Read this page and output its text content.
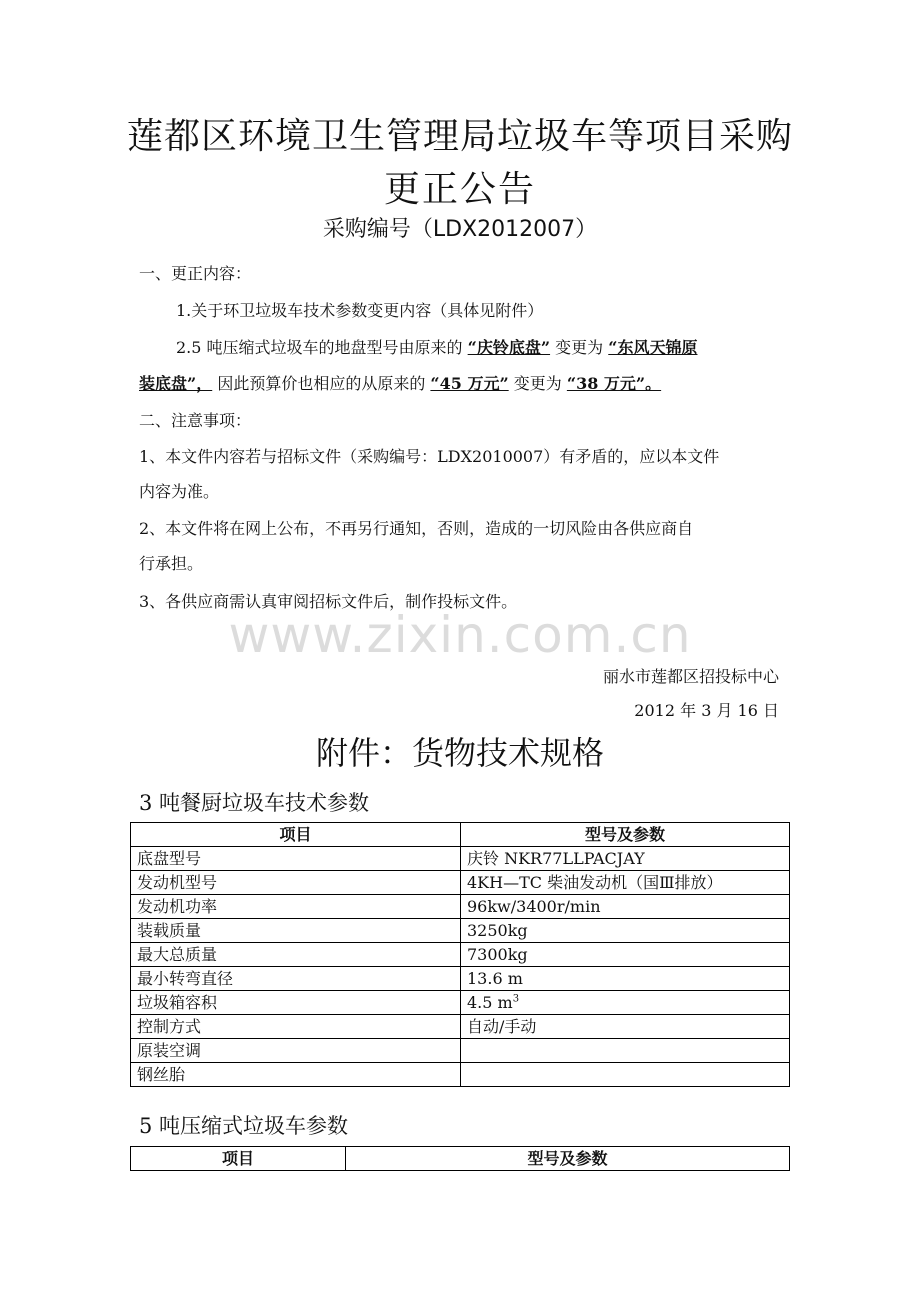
莲都区环境卫生管理局垃圾车等项目采购
更正公告
采购编号（LDX2012007）
一、更正内容：
1.关于环卫垃圾车技术参数变更内容（具体见附件）
2.5 吨压缩式垃圾车的地盘型号由原来的 “庆铃底盘” 变更为 “东风天锦原
装底盘”， 因此预算价也相应的从原来的 “45 万元” 变更为 “38 万元”。
二、注意事项：
1、本文件内容若与招标文件（采购编号：LDX2010007）有矛盾的，应以本文件
内容为准。
2、本文件将在网上公布，不再另行通知，否则，造成的一切风险由各供应商自
行承担。
3、各供应商需认真审阅招标文件后，制作投标文件。
www.zixin.com.cn
丽水市莲都区招投标中心
2012 年 3 月 16 日
附件：货物技术规格
3 吨餐厨垃圾车技术参数
项目	型号及参数
底盘型号	庆铃 NKR77LLPACJAY
发动机型号	4KH—TC 柴油发动机（国Ⅲ排放）
发动机功率	96kw/3400r/min
装载质量	3250kg
最大总质量	7300kg
最小转弯直径	13.6 m
垃圾箱容积	4.5 $m^3$
控制方式	自动/手动
原装空调	
钢丝胎	
5 吨压缩式垃圾车参数
项目	型号及参数
